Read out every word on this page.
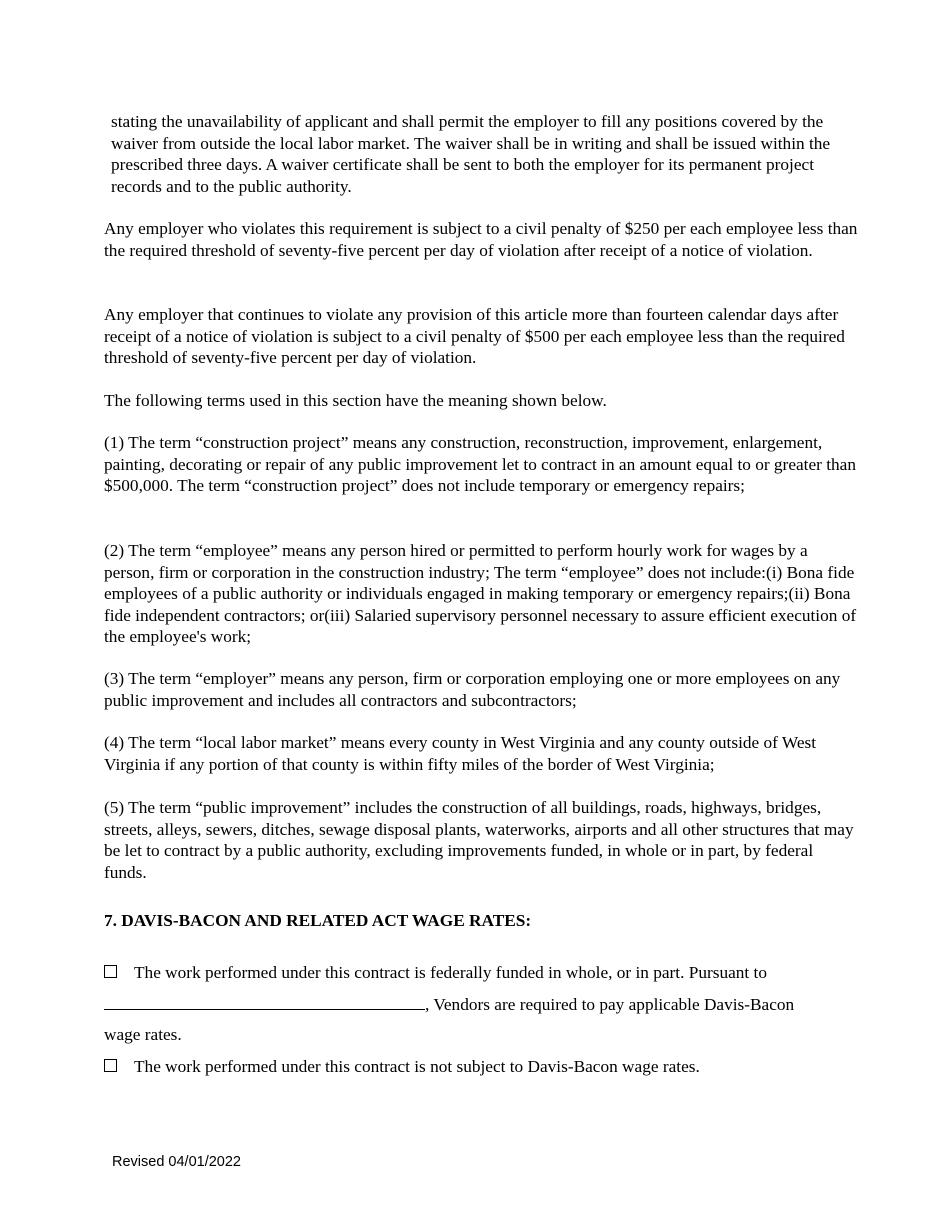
stating the unavailability of applicant and shall permit the employer to fill any positions covered by the waiver from outside the local labor market. The waiver shall be in writing and shall be issued within the prescribed three days. A waiver certificate shall be sent to both the employer for its permanent project records and to the public authority.

Any employer who violates this requirement is subject to a civil penalty of $250 per each employee less than the required threshold of seventy-five percent per day of violation after receipt of a notice of violation.

Any employer that continues to violate any provision of this article more than fourteen calendar days after receipt of a notice of violation is subject to a civil penalty of $500 per each employee less than the required threshold of seventy-five percent per day of violation.

The following terms used in this section have the meaning shown below.

(1) The term “construction project” means any construction, reconstruction, improvement, enlargement, painting, decorating or repair of any public improvement let to contract in an amount equal to or greater than $500,000. The term “construction project” does not include temporary or emergency repairs;

(2) The term “employee” means any person hired or permitted to perform hourly work for wages by a person, firm or corporation in the construction industry; The term “employee” does not include:(i) Bona fide employees of a public authority or individuals engaged in making temporary or emergency repairs;(ii) Bona fide independent contractors; or(iii) Salaried supervisory personnel necessary to assure efficient execution of the employee's work;

(3) The term “employer” means any person, firm or corporation employing one or more employees on any public improvement and includes all contractors and subcontractors;

(4) The term “local labor market” means every county in West Virginia and any county outside of West Virginia if any portion of that county is within fifty miles of the border of West Virginia;

(5) The term “public improvement” includes the construction of all buildings, roads, highways, bridges, streets, alleys, sewers, ditches, sewage disposal plants, waterworks, airports and all other structures that may be let to contract by a public authority, excluding improvements funded, in whole or in part, by federal funds.

7. DAVIS-BACON AND RELATED ACT WAGE RATES:

The work performed under this contract is federally funded in whole, or in part. Pursuant to
, Vendors are required to pay applicable Davis-Bacon
wage rates.
The work performed under this contract is not subject to Davis-Bacon wage rates.
Revised 04/01/2022
